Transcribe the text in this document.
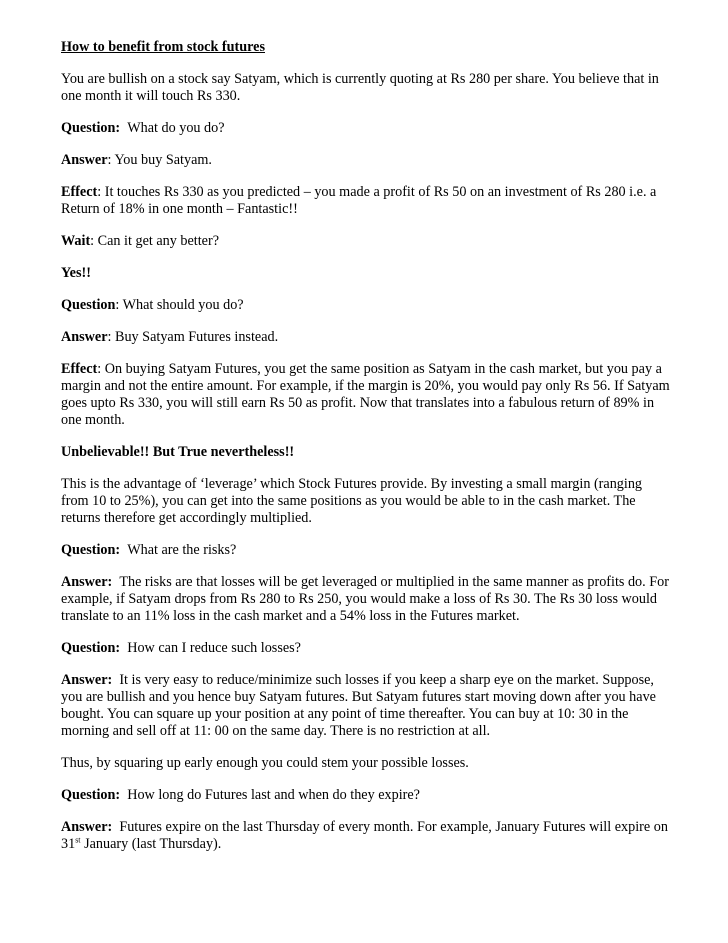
How to benefit from stock futures

You are bullish on a stock say Satyam, which is currently quoting at Rs 280 per share. You believe that in one month it will touch Rs 330.

Question: What do you do?

Answer: You buy Satyam.

Effect: It touches Rs 330 as you predicted – you made a profit of Rs 50 on an investment of Rs 280 i.e. a Return of 18% in one month – Fantastic!!

Wait: Can it get any better?

Yes!!

Question: What should you do?

Answer: Buy Satyam Futures instead.

Effect: On buying Satyam Futures, you get the same position as Satyam in the cash market, but you pay a margin and not the entire amount. For example, if the margin is 20%, you would pay only Rs 56. If Satyam goes upto Rs 330, you will still earn Rs 50 as profit. Now that translates into a fabulous return of 89% in one month.

Unbelievable!! But True nevertheless!!

This is the advantage of ‘leverage’ which Stock Futures provide. By investing a small margin (ranging from 10 to 25%), you can get into the same positions as you would be able to in the cash market. The returns therefore get accordingly multiplied.

Question: What are the risks?

Answer: The risks are that losses will be get leveraged or multiplied in the same manner as profits do. For example, if Satyam drops from Rs 280 to Rs 250, you would make a loss of Rs 30. The Rs 30 loss would translate to an 11% loss in the cash market and a 54% loss in the Futures market.

Question: How can I reduce such losses?

Answer: It is very easy to reduce/minimize such losses if you keep a sharp eye on the market. Suppose, you are bullish and you hence buy Satyam futures. But Satyam futures start moving down after you have bought. You can square up your position at any point of time thereafter. You can buy at 10: 30 in the morning and sell off at 11: 00 on the same day. There is no restriction at all.

Thus, by squaring up early enough you could stem your possible losses.

Question: How long do Futures last and when do they expire?

Answer: Futures expire on the last Thursday of every month. For example, January Futures will expire on 31st January (last Thursday).
